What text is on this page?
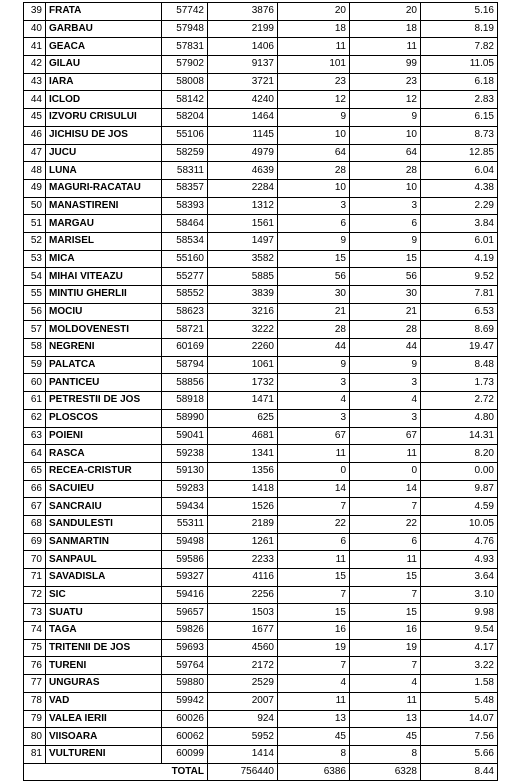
39	FRATA	57742	3876	20	20	5.16
40	GARBAU	57948	2199	18	18	8.19
41	GEACA	57831	1406	11	11	7.82
42	GILAU	57902	9137	101	99	11.05
43	IARA	58008	3721	23	23	6.18
44	ICLOD	58142	4240	12	12	2.83
45	IZVORU CRISULUI	58204	1464	9	9	6.15
46	JICHISU DE JOS	55106	1145	10	10	8.73
47	JUCU	58259	4979	64	64	12.85
48	LUNA	58311	4639	28	28	6.04
49	MAGURI-RACATAU	58357	2284	10	10	4.38
50	MANASTIRENI	58393	1312	3	3	2.29
51	MARGAU	58464	1561	6	6	3.84
52	MARISEL	58534	1497	9	9	6.01
53	MICA	55160	3582	15	15	4.19
54	MIHAI VITEAZU	55277	5885	56	56	9.52
55	MINTIU GHERLII	58552	3839	30	30	7.81
56	MOCIU	58623	3216	21	21	6.53
57	MOLDOVENESTI	58721	3222	28	28	8.69
58	NEGRENI	60169	2260	44	44	19.47
59	PALATCA	58794	1061	9	9	8.48
60	PANTICEU	58856	1732	3	3	1.73
61	PETRESTII DE JOS	58918	1471	4	4	2.72
62	PLOSCOS	58990	625	3	3	4.80
63	POIENI	59041	4681	67	67	14.31
64	RASCA	59238	1341	11	11	8.20
65	RECEA-CRISTUR	59130	1356	0	0	0.00
66	SACUIEU	59283	1418	14	14	9.87
67	SANCRAIU	59434	1526	7	7	4.59
68	SANDULESTI	55311	2189	22	22	10.05
69	SANMARTIN	59498	1261	6	6	4.76
70	SANPAUL	59586	2233	11	11	4.93
71	SAVADISLA	59327	4116	15	15	3.64
72	SIC	59416	2256	7	7	3.10
73	SUATU	59657	1503	15	15	9.98
74	TAGA	59826	1677	16	16	9.54
75	TRITENII DE JOS	59693	4560	19	19	4.17
76	TURENI	59764	2172	7	7	3.22
77	UNGURAS	59880	2529	4	4	1.58
78	VAD	59942	2007	11	11	5.48
79	VALEA IERII	60026	924	13	13	14.07
80	VIISOARA	60062	5952	45	45	7.56
81	VULTURENI	60099	1414	8	8	5.66
TOTAL			756440	6386	6328	8.44
